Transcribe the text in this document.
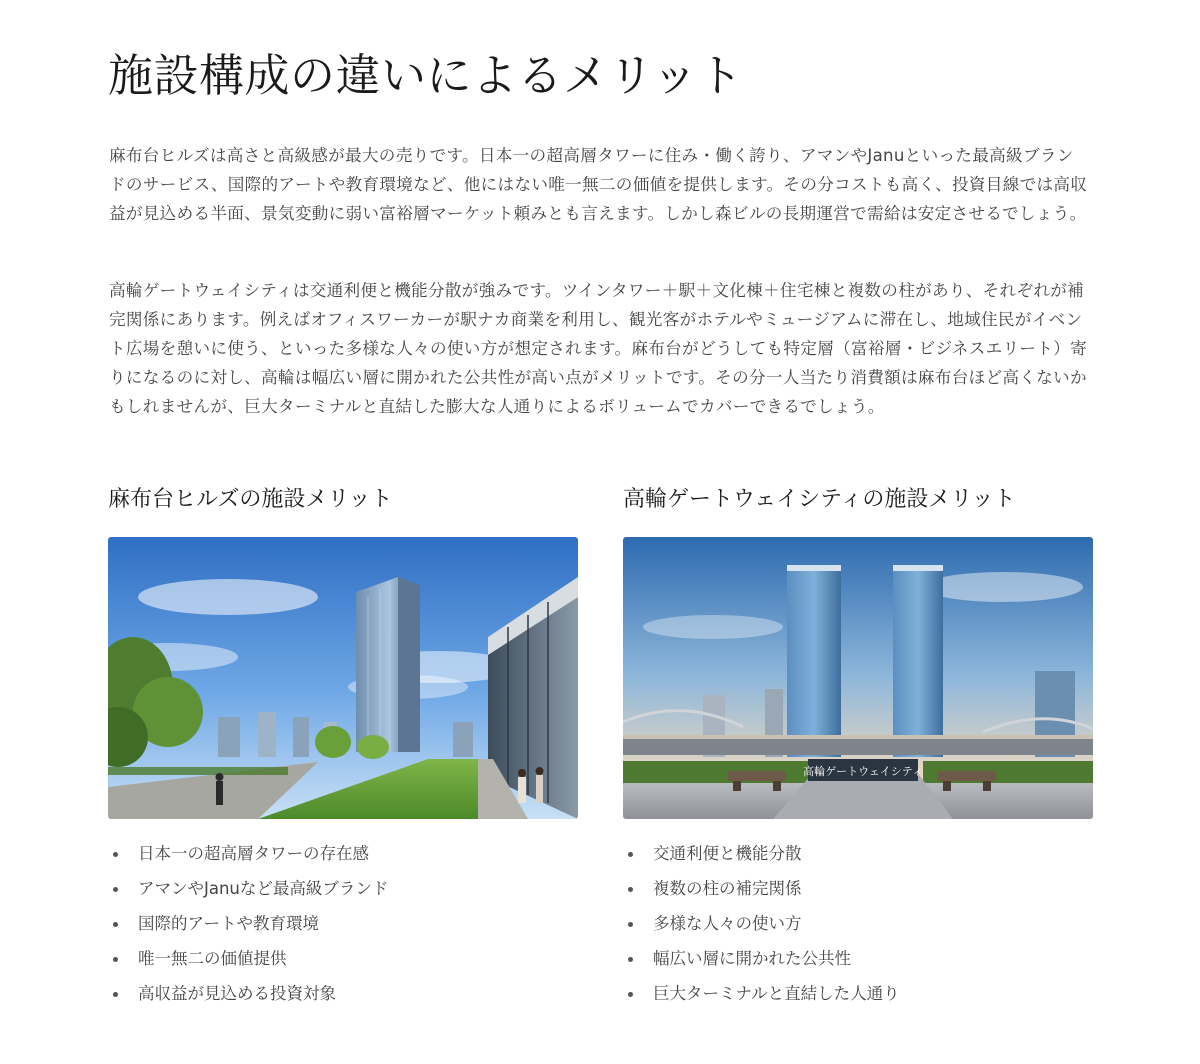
施設構成の違いによるメリット

麻布台ヒルズは高さと高級感が最大の売りです。日本一の超高層タワーに住み・働く誇り、アマンやJanuといった最高級ブランドのサービス、国際的アートや教育環境など、他にはない唯一無二の価値を提供します。その分コストも高く、投資目線では高収益が見込める半面、景気変動に弱い富裕層マーケット頼みとも言えます。しかし森ビルの長期運営で需給は安定させるでしょう。

高輪ゲートウェイシティは交通利便と機能分散が強みです。ツインタワー＋駅＋文化棟＋住宅棟と複数の柱があり、それぞれが補完関係にあります。例えばオフィスワーカーが駅ナカ商業を利用し、観光客がホテルやミュージアムに滞在し、地域住民がイベント広場を憩いに使う、といった多様な人々の使い方が想定されます。麻布台がどうしても特定層（富裕層・ビジネスエリート）寄りになるのに対し、高輪は幅広い層に開かれた公共性が高い点がメリットです。その分一人当たり消費額は麻布台ほど高くないかもしれませんが、巨大ターミナルと直結した膨大な人通りによるボリュームでカバーできるでしょう。

麻布台ヒルズの施設メリット
日本一の超高層タワーの存在感
アマンやJanuなど最高級ブランド
国際的アートや教育環境
唯一無二の価値提供
高収益が見込める投資対象
高輪ゲートウェイシティの施設メリット
高輪ゲートウェイシティ
交通利便と機能分散
複数の柱の補完関係
多様な人々の使い方
幅広い層に開かれた公共性
巨大ターミナルと直結した人通り
